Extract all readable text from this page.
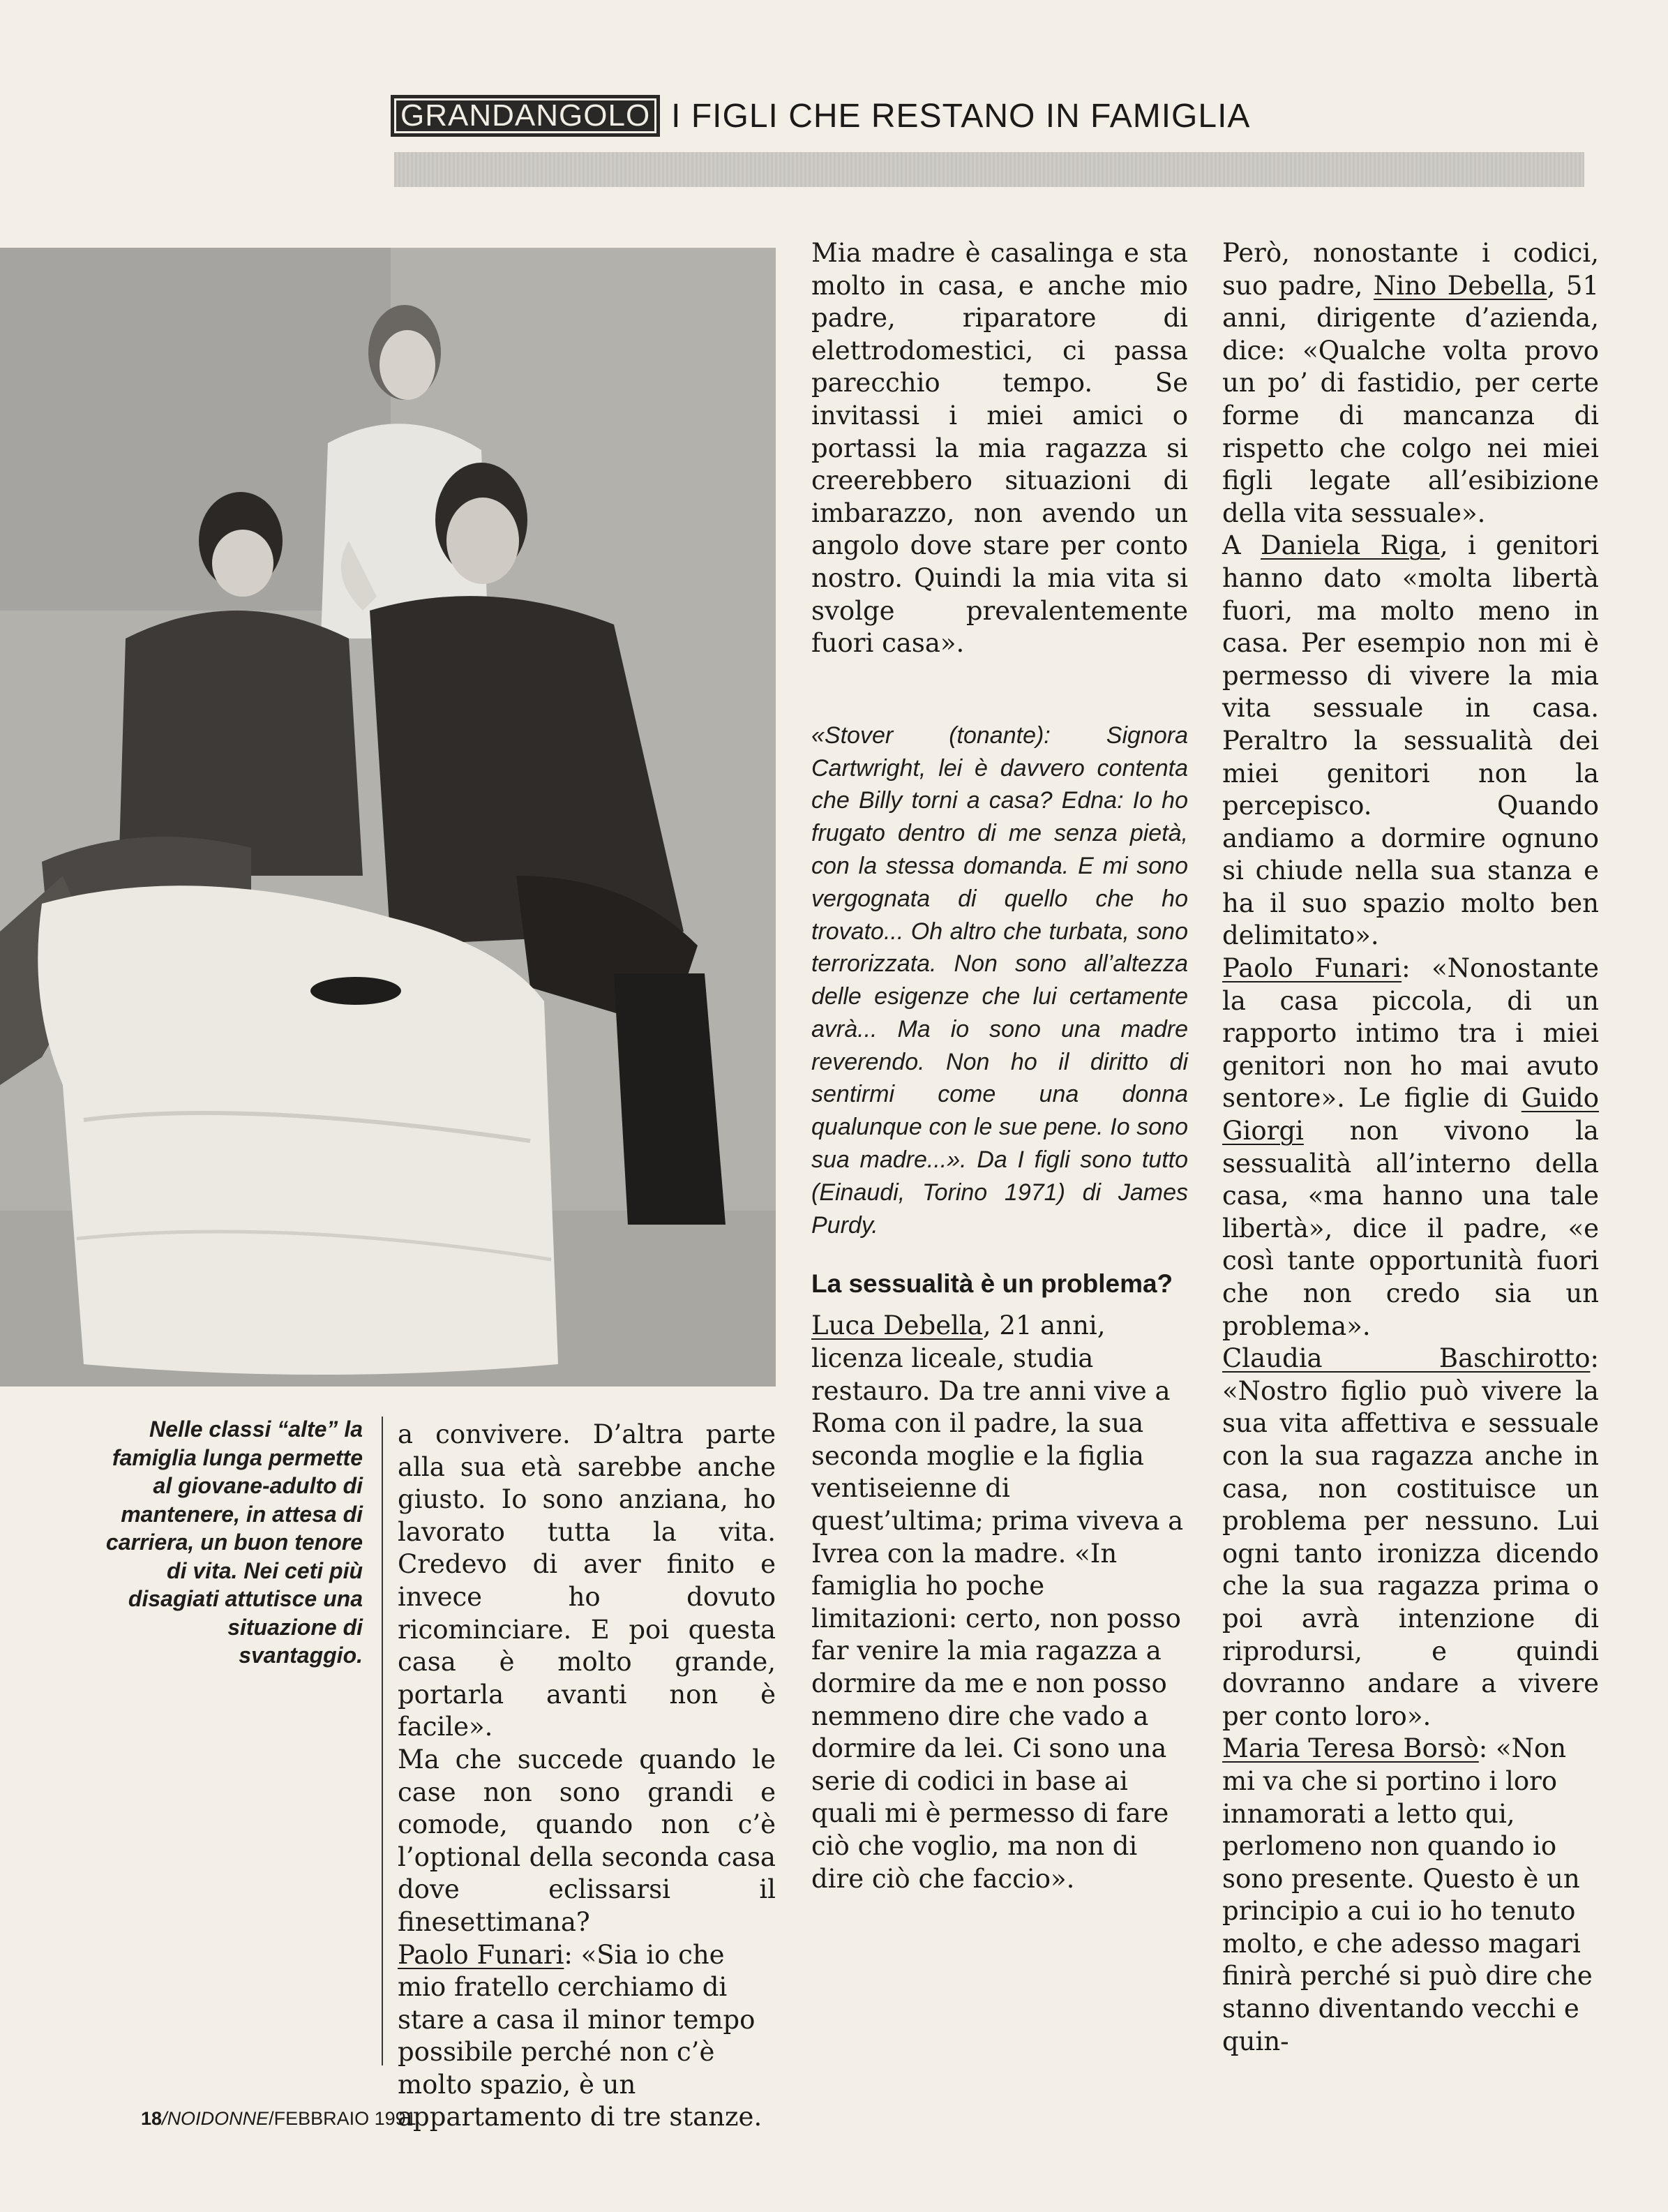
GRANDANGOLO I FIGLI CHE RESTANO IN FAMIGLIA
Nelle classi “alte” la famiglia lunga permette al giovane-adulto di mantenere, in attesa di carriera, un buon tenore di vita. Nei ceti più disagiati attutisce una situazione di svantaggio.

a convivere. D’altra parte alla sua età sarebbe anche giusto. Io sono anziana, ho lavorato tutta la vita. Credevo di aver finito e invece ho dovuto ricominciare. E poi questa casa è molto grande, portarla avanti non è facile».

Ma che succede quando le case non sono grandi e comode, quando non c’è l’optional della seconda casa dove eclissarsi il finesettimana?

Paolo Funari: «Sia io che mio fratello cerchiamo di stare a casa il minor tempo possibile perché non c’è molto spazio, è un appartamento di tre stanze.

Mia madre è casalinga e sta molto in casa, e anche mio padre, riparatore di elettrodomestici, ci passa parecchio tempo. Se invitassi i miei amici o portassi la mia ragazza si creerebbero situazioni di imbarazzo, non avendo un angolo dove stare per conto nostro. Quindi la mia vita si svolge prevalentemente fuori casa».

«Stover (tonante): Signora Cartwright, lei è davvero contenta che Billy torni a casa? Edna: Io ho frugato dentro di me senza pietà, con la stessa domanda. E mi sono vergognata di quello che ho trovato... Oh altro che turbata, sono terrorizzata. Non sono all’altezza delle esigenze che lui certamente avrà... Ma io sono una madre reverendo. Non ho il diritto di sentirmi come una donna qualunque con le sue pene. Io sono sua madre...». Da I figli sono tutto (Einaudi, Torino 1971) di James Purdy.

La sessualità è un problema?

Luca Debella, 21 anni, licenza liceale, studia restauro. Da tre anni vive a Roma con il padre, la sua seconda moglie e la figlia ventiseienne di quest’ultima; prima viveva a Ivrea con la madre. «In famiglia ho poche limitazioni: certo, non posso far venire la mia ragazza a dormire da me e non posso nemmeno dire che vado a dormire da lei. Ci sono una serie di codici in base ai quali mi è permesso di fare ciò che voglio, ma non di dire ciò che faccio».

Però, nonostante i codici, suo padre, Nino Debella, 51 anni, dirigente d’azienda, dice: «Qualche volta provo un po’ di fastidio, per certe forme di mancanza di rispetto che colgo nei miei figli legate all’esibizione della vita sessuale».

A Daniela Riga, i genitori hanno dato «molta libertà fuori, ma molto meno in casa. Per esempio non mi è permesso di vivere la mia vita sessuale in casa. Peraltro la sessualità dei miei genitori non la percepisco. Quando andiamo a dormire ognuno si chiude nella sua stanza e ha il suo spazio molto ben delimitato».

Paolo Funari: «Nonostante la casa piccola, di un rapporto intimo tra i miei genitori non ho mai avuto sentore». Le figlie di Guido Giorgi non vivono la sessualità all’interno della casa, «ma hanno una tale libertà», dice il padre, «e così tante opportunità fuori che non credo sia un problema».

Claudia Baschirotto: «Nostro figlio può vivere la sua vita affettiva e sessuale con la sua ragazza anche in casa, non costituisce un problema per nessuno. Lui ogni tanto ironizza dicendo che la sua ragazza prima o poi avrà intenzione di riprodursi, e quindi dovranno andare a vivere per conto loro».

Maria Teresa Borsò: «Non mi va che si portino i loro innamorati a letto qui, perlomeno non quando io sono presente. Questo è un principio a cui io ho tenuto molto, e che adesso magari finirà perché si può dire che stanno diventando vecchi e quin-

18/NOIDONNE/FEBBRAIO 1991
